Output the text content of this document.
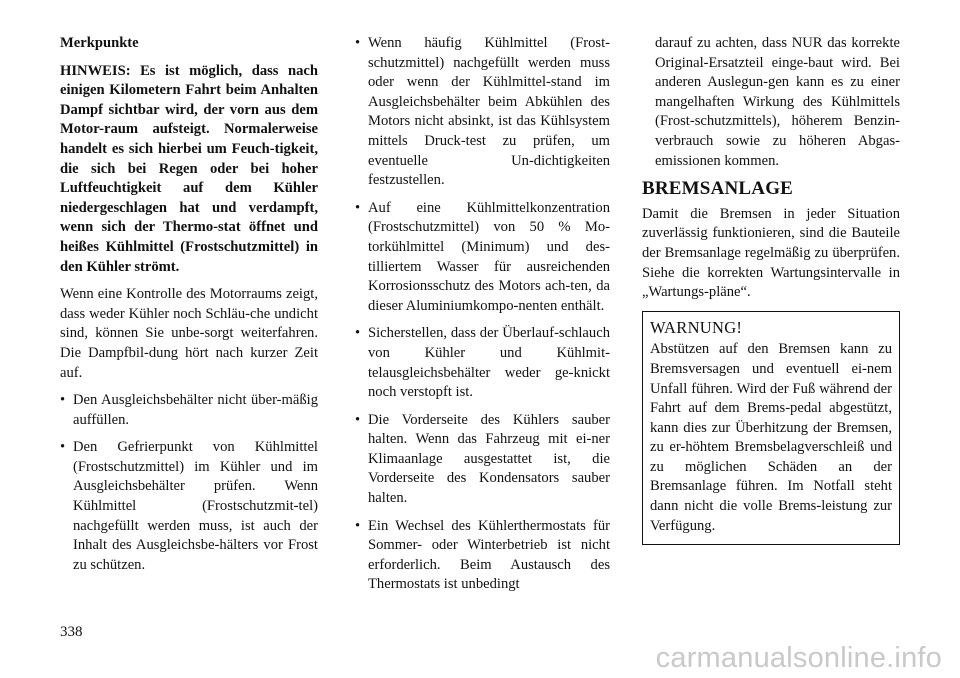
Merkpunkte

HINWEIS: Es ist möglich, dass nach einigen Kilometern Fahrt beim Anhalten Dampf sichtbar wird, der vorn aus dem Motor-raum aufsteigt. Normalerweise handelt es sich hierbei um Feuch-tigkeit, die sich bei Regen oder bei hoher Luftfeuchtigkeit auf dem Kühler niedergeschlagen hat und verdampft, wenn sich der Thermo-stat öffnet und heißes Kühlmittel (Frostschutzmittel) in den Kühler strömt.

Wenn eine Kontrolle des Motorraums zeigt, dass weder Kühler noch Schläu-che undicht sind, können Sie unbe-sorgt weiterfahren. Die Dampfbil-dung hört nach kurzer Zeit auf.

• Den Ausgleichsbehälter nicht über-mäßig auffüllen.
• Den Gefrierpunkt von Kühlmittel (Frostschutzmittel) im Kühler und im Ausgleichsbehälter prüfen. Wenn Kühlmittel (Frostschutzmit-tel) nachgefüllt werden muss, ist auch der Inhalt des Ausgleichsbe-hälters vor Frost zu schützen.
• Wenn häufig Kühlmittel (Frost-schutzmittel) nachgefüllt werden muss oder wenn der Kühlmittel-stand im Ausgleichsbehälter beim Abkühlen des Motors nicht absinkt, ist das Kühlsystem mittels Druck-test zu prüfen, um eventuelle Un-dichtigkeiten festzustellen.
• Auf eine Kühlmittelkonzentration (Frostschutzmittel) von 50 % Mo-torkühlmittel (Minimum) und des-tilliertem Wasser für ausreichenden Korrosionsschutz des Motors ach-ten, da dieser Aluminiumkompo-nenten enthält.
• Sicherstellen, dass der Überlauf-schlauch von Kühler und Kühlmit-telausgleichsbehälter weder ge-knickt noch verstopft ist.
• Die Vorderseite des Kühlers sauber halten. Wenn das Fahrzeug mit ei-ner Klimaanlage ausgestattet ist, die Vorderseite des Kondensators sauber halten.
• Ein Wechsel des Kühlerthermostats für Sommer- oder Winterbetrieb ist nicht erforderlich. Beim Austausch des Thermostats ist unbedingt

darauf zu achten, dass NUR das korrekte Original-Ersatzteil einge-baut wird. Bei anderen Auslegun-gen kann es zu einer mangelhaften Wirkung des Kühlmittels (Frost-schutzmittels), höherem Benzin-verbrauch sowie zu höheren Abgas-emissionen kommen.

BREMSANLAGE

Damit die Bremsen in jeder Situation zuverlässig funktionieren, sind die Bauteile der Bremsanlage regelmäßig zu überprüfen. Siehe die korrekten Wartungsintervalle in „Wartungs-pläne“.

WARNUNG!
Abstützen auf den Bremsen kann zu Bremsversagen und eventuell ei-nem Unfall führen. Wird der Fuß während der Fahrt auf dem Brems-pedal abgestützt, kann dies zur Überhitzung der Bremsen, zu er-höhtem Bremsbelagverschleiß und zu möglichen Schäden an der Bremsanlage führen. Im Notfall steht dann nicht die volle Brems-leistung zur Verfügung.
338
carmanualsonline.info
